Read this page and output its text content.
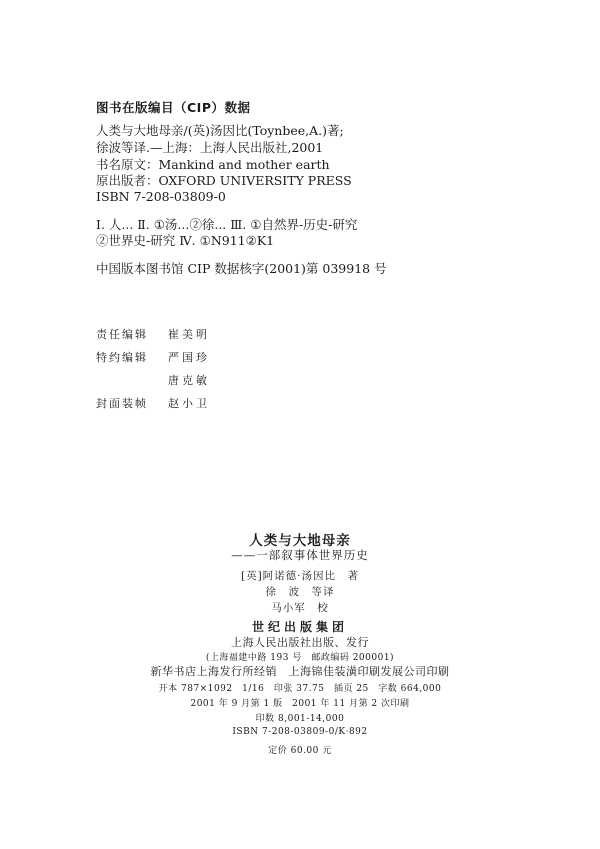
图书在版编目（CIP）数据
人类与大地母亲/(英)汤因比(Toynbee,A.)著;
徐波等译.—上海：上海人民出版社,2001
书名原文：Mankind and mother earth
原出版者：OXFORD UNIVERSITY PRESS
ISBN 7-208-03809-0
Ⅰ. 人... Ⅱ. ①汤...②徐... Ⅲ. ①自然界-历史-研究
②世界史-研究 Ⅳ. ①N911②K1
中国版本图书馆 CIP 数据核字(2001)第 039918 号
责任编辑 崔美明
特约编辑 严国珍
唐克敏
封面装帧 赵小卫
人类与大地母亲
——一部叙事体世界历史
[英]阿诺德·汤因比　著
徐　波　等译
马小军　校
世纪出版集团
上海人民出版社出版、发行
(上海福建中路 193 号　邮政编码 200001)
新华书店上海发行所经销　上海锦佳装潢印刷发展公司印刷
开本 787×1092　1/16　印张 37.75　插页 25　字数 664,000
2001 年 9 月第 1 版　2001 年 11 月第 2 次印刷
印数 8,001-14,000
ISBN 7-208-03809-0/K·892
定价 60.00 元
